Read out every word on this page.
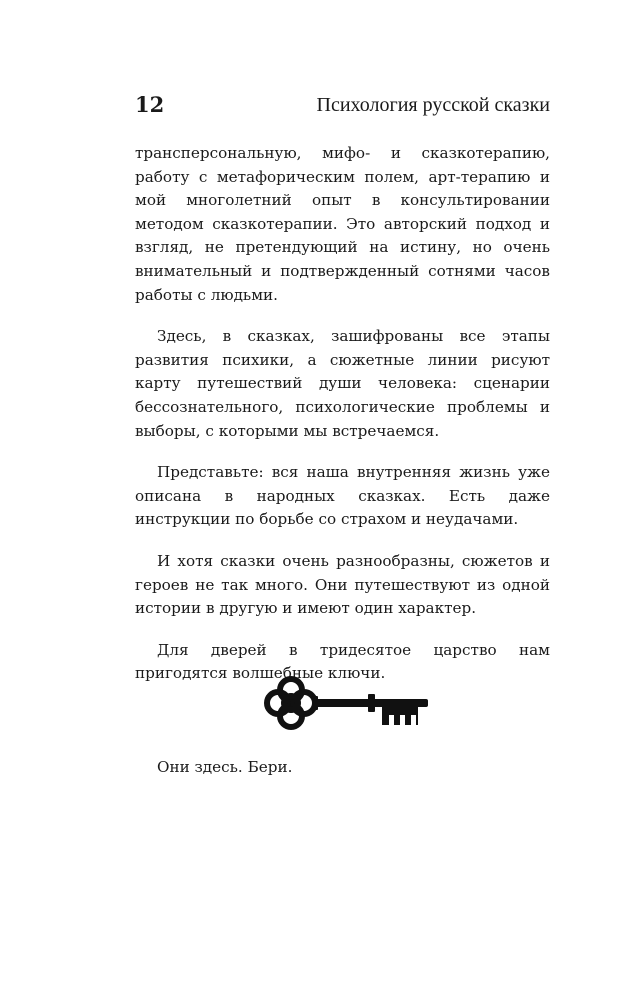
12	Психология русской сказки

трансперсональную, мифо- и сказкотерапию, работу с метафорическим полем, арт-терапию и мой многолетний опыт в консультировании методом сказкотерапии. Это авторский подход и взгляд, не претендующий на истину, но очень внимательный и подтвержденный сотнями часов работы с людьми.

Здесь, в сказках, зашифрованы все этапы развития психики, а сюжетные линии рисуют карту путешествий души человека: сценарии бессознательного, психологические проблемы и выборы, с которыми мы встречаемся.

Представьте: вся наша внутренняя жизнь уже описана в народных сказках. Есть даже инструкции по борьбе со страхом и неудачами.

И хотя сказки очень разнообразны, сюжетов и героев не так много. Они путешествуют из одной истории в другую и имеют один характер.

Для дверей в тридесятое царство нам пригодятся волшебные ключи.

Они здесь. Бери.
